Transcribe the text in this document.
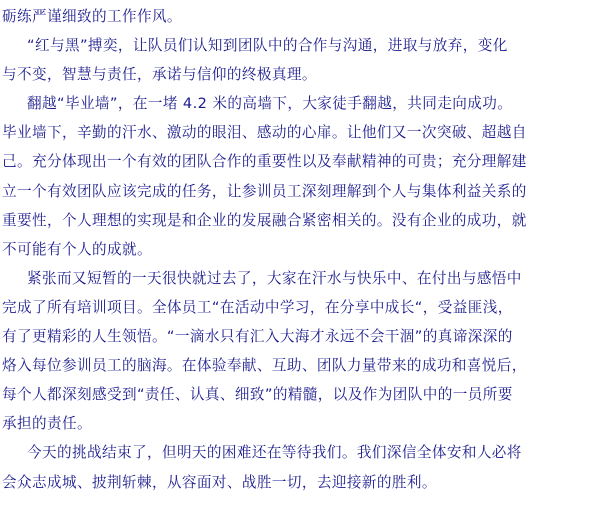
砺练严谨细致的工作作风。
“红与黑”搏奕，让队员们认知到团队中的合作与沟通，进取与放弃，变化
与不变，智慧与责任，承诺与信仰的终极真理。
翻越“毕业墙”，在一堵 4.2 米的高墙下，大家徒手翻越，共同走向成功。
毕业墙下，辛勤的汗水、激动的眼泪、感动的心扉。让他们又一次突破、超越自
己。充分体现出一个有效的团队合作的重要性以及奉献精神的可贵；充分理解建
立一个有效团队应该完成的任务，让参训员工深刻理解到个人与集体利益关系的
重要性，个人理想的实现是和企业的发展融合紧密相关的。没有企业的成功，就
不可能有个人的成就。
紧张而又短暂的一天很快就过去了，大家在汗水与快乐中、在付出与感悟中
完成了所有培训项目。全体员工“在活动中学习，在分享中成长“，受益匪浅，
有了更精彩的人生领悟。“一滴水只有汇入大海才永远不会干涸”的真谛深深的
烙入每位参训员工的脑海。在体验奉献、互助、团队力量带来的成功和喜悦后，
每个人都深刻感受到“责任、认真、细致”的精髓，以及作为团队中的一员所要
承担的责任。
今天的挑战结束了，但明天的困难还在等待我们。我们深信全体安和人必将
会众志成城、披荆斩棘，从容面对、战胜一切，去迎接新的胜利。
